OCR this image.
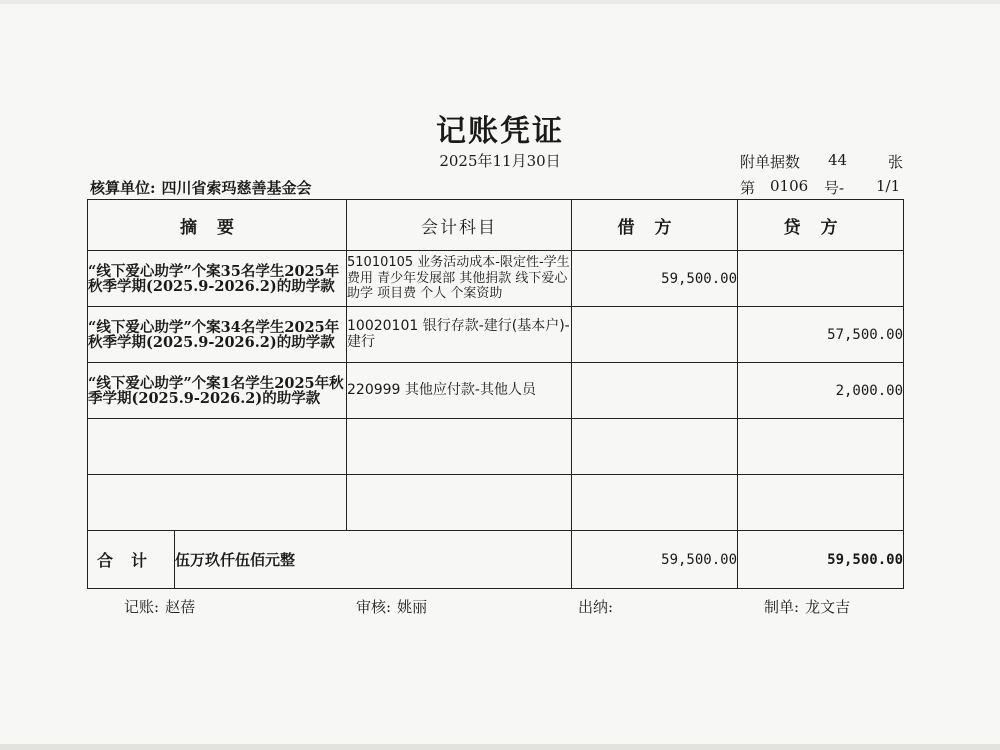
记账凭证
2025年11月30日	附单据数 44	张
核算单位: 四川省索玛慈善基金会	第 0106 号- 1/1
摘要		会计科目	借方	贷方
“线下爱心助学”个案35名学生2025年秋季学期(2025.9-2026.2)的助学款		51010105 业务活动成本-限定性-学生费用 青少年发展部 其他捐款 线下爱心助学 项目费 个人 个案资助	59,500.00	
“线下爱心助学”个案34名学生2025年秋季学期(2025.9-2026.2)的助学款		10020101 银行存款-建行(基本户)-建行		57,500.00
“线下爱心助学”个案1名学生2025年秋季学期(2025.9-2026.2)的助学款		220999 其他应付款-其他人员		2,000.00

合计	伍万玖仟伍佰元整		59,500.00	59,500.00
记账: 赵蓓	审核: 姚丽	出纳:	制单: 龙文吉
